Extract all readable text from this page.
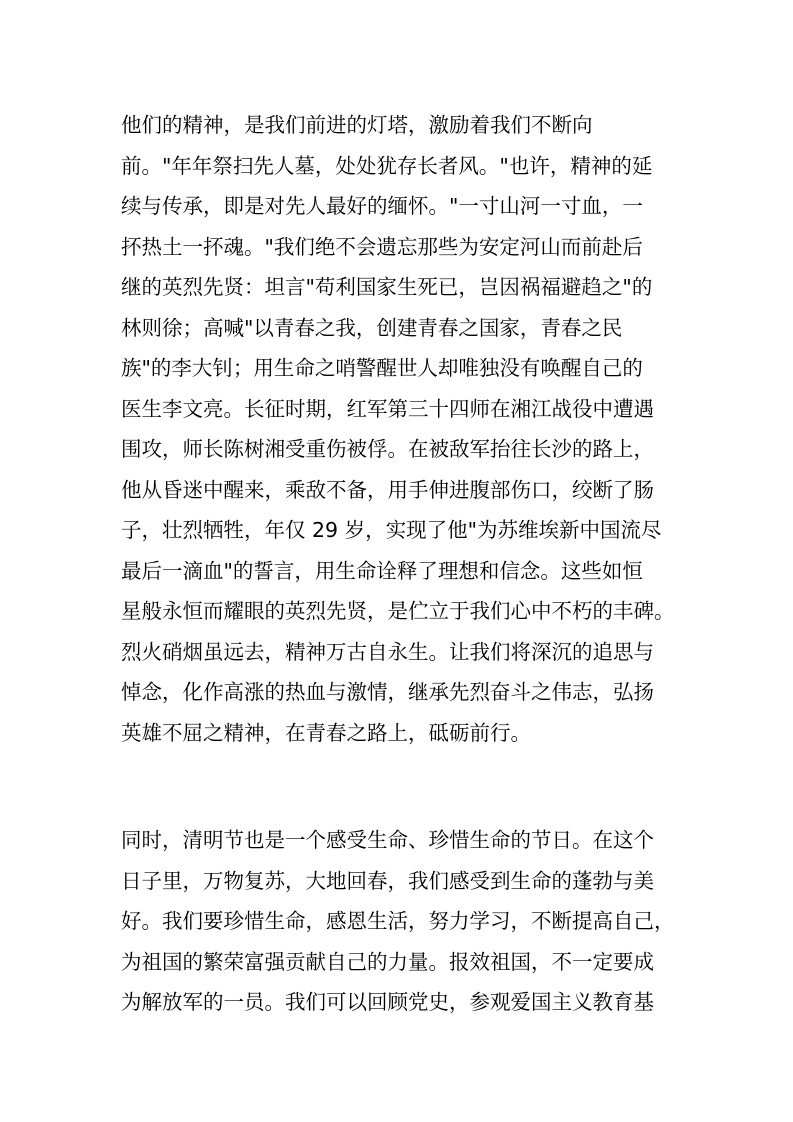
他们的精神，是我们前进的灯塔，激励着我们不断向
前。"年年祭扫先人墓，处处犹存长者风。"也许，精神的延
续与传承，即是对先人最好的缅怀。"一寸山河一寸血，一
抔热土一抔魂。"我们绝不会遗忘那些为安定河山而前赴后
继的英烈先贤：坦言"苟利国家生死已，岂因祸福避趋之"的
林则徐；高喊"以青春之我，创建青春之国家，青春之民
族"的李大钊；用生命之哨警醒世人却唯独没有唤醒自己的
医生李文亮。长征时期，红军第三十四师在湘江战役中遭遇
围攻，师长陈树湘受重伤被俘。在被敌军抬往长沙的路上，
他从昏迷中醒来，乘敌不备，用手伸进腹部伤口，绞断了肠
子，壮烈牺牲，年仅 29 岁，实现了他"为苏维埃新中国流尽
最后一滴血"的誓言，用生命诠释了理想和信念。这些如恒
星般永恒而耀眼的英烈先贤，是伫立于我们心中不朽的丰碑。
烈火硝烟虽远去，精神万古自永生。让我们将深沉的追思与
悼念，化作高涨的热血与激情，继承先烈奋斗之伟志，弘扬
英雄不屈之精神，在青春之路上，砥砺前行。
同时，清明节也是一个感受生命、珍惜生命的节日。在这个
日子里，万物复苏，大地回春，我们感受到生命的蓬勃与美
好。我们要珍惜生命，感恩生活，努力学习，不断提高自己，
为祖国的繁荣富强贡献自己的力量。报效祖国，不一定要成
为解放军的一员。我们可以回顾党史，参观爱国主义教育基
